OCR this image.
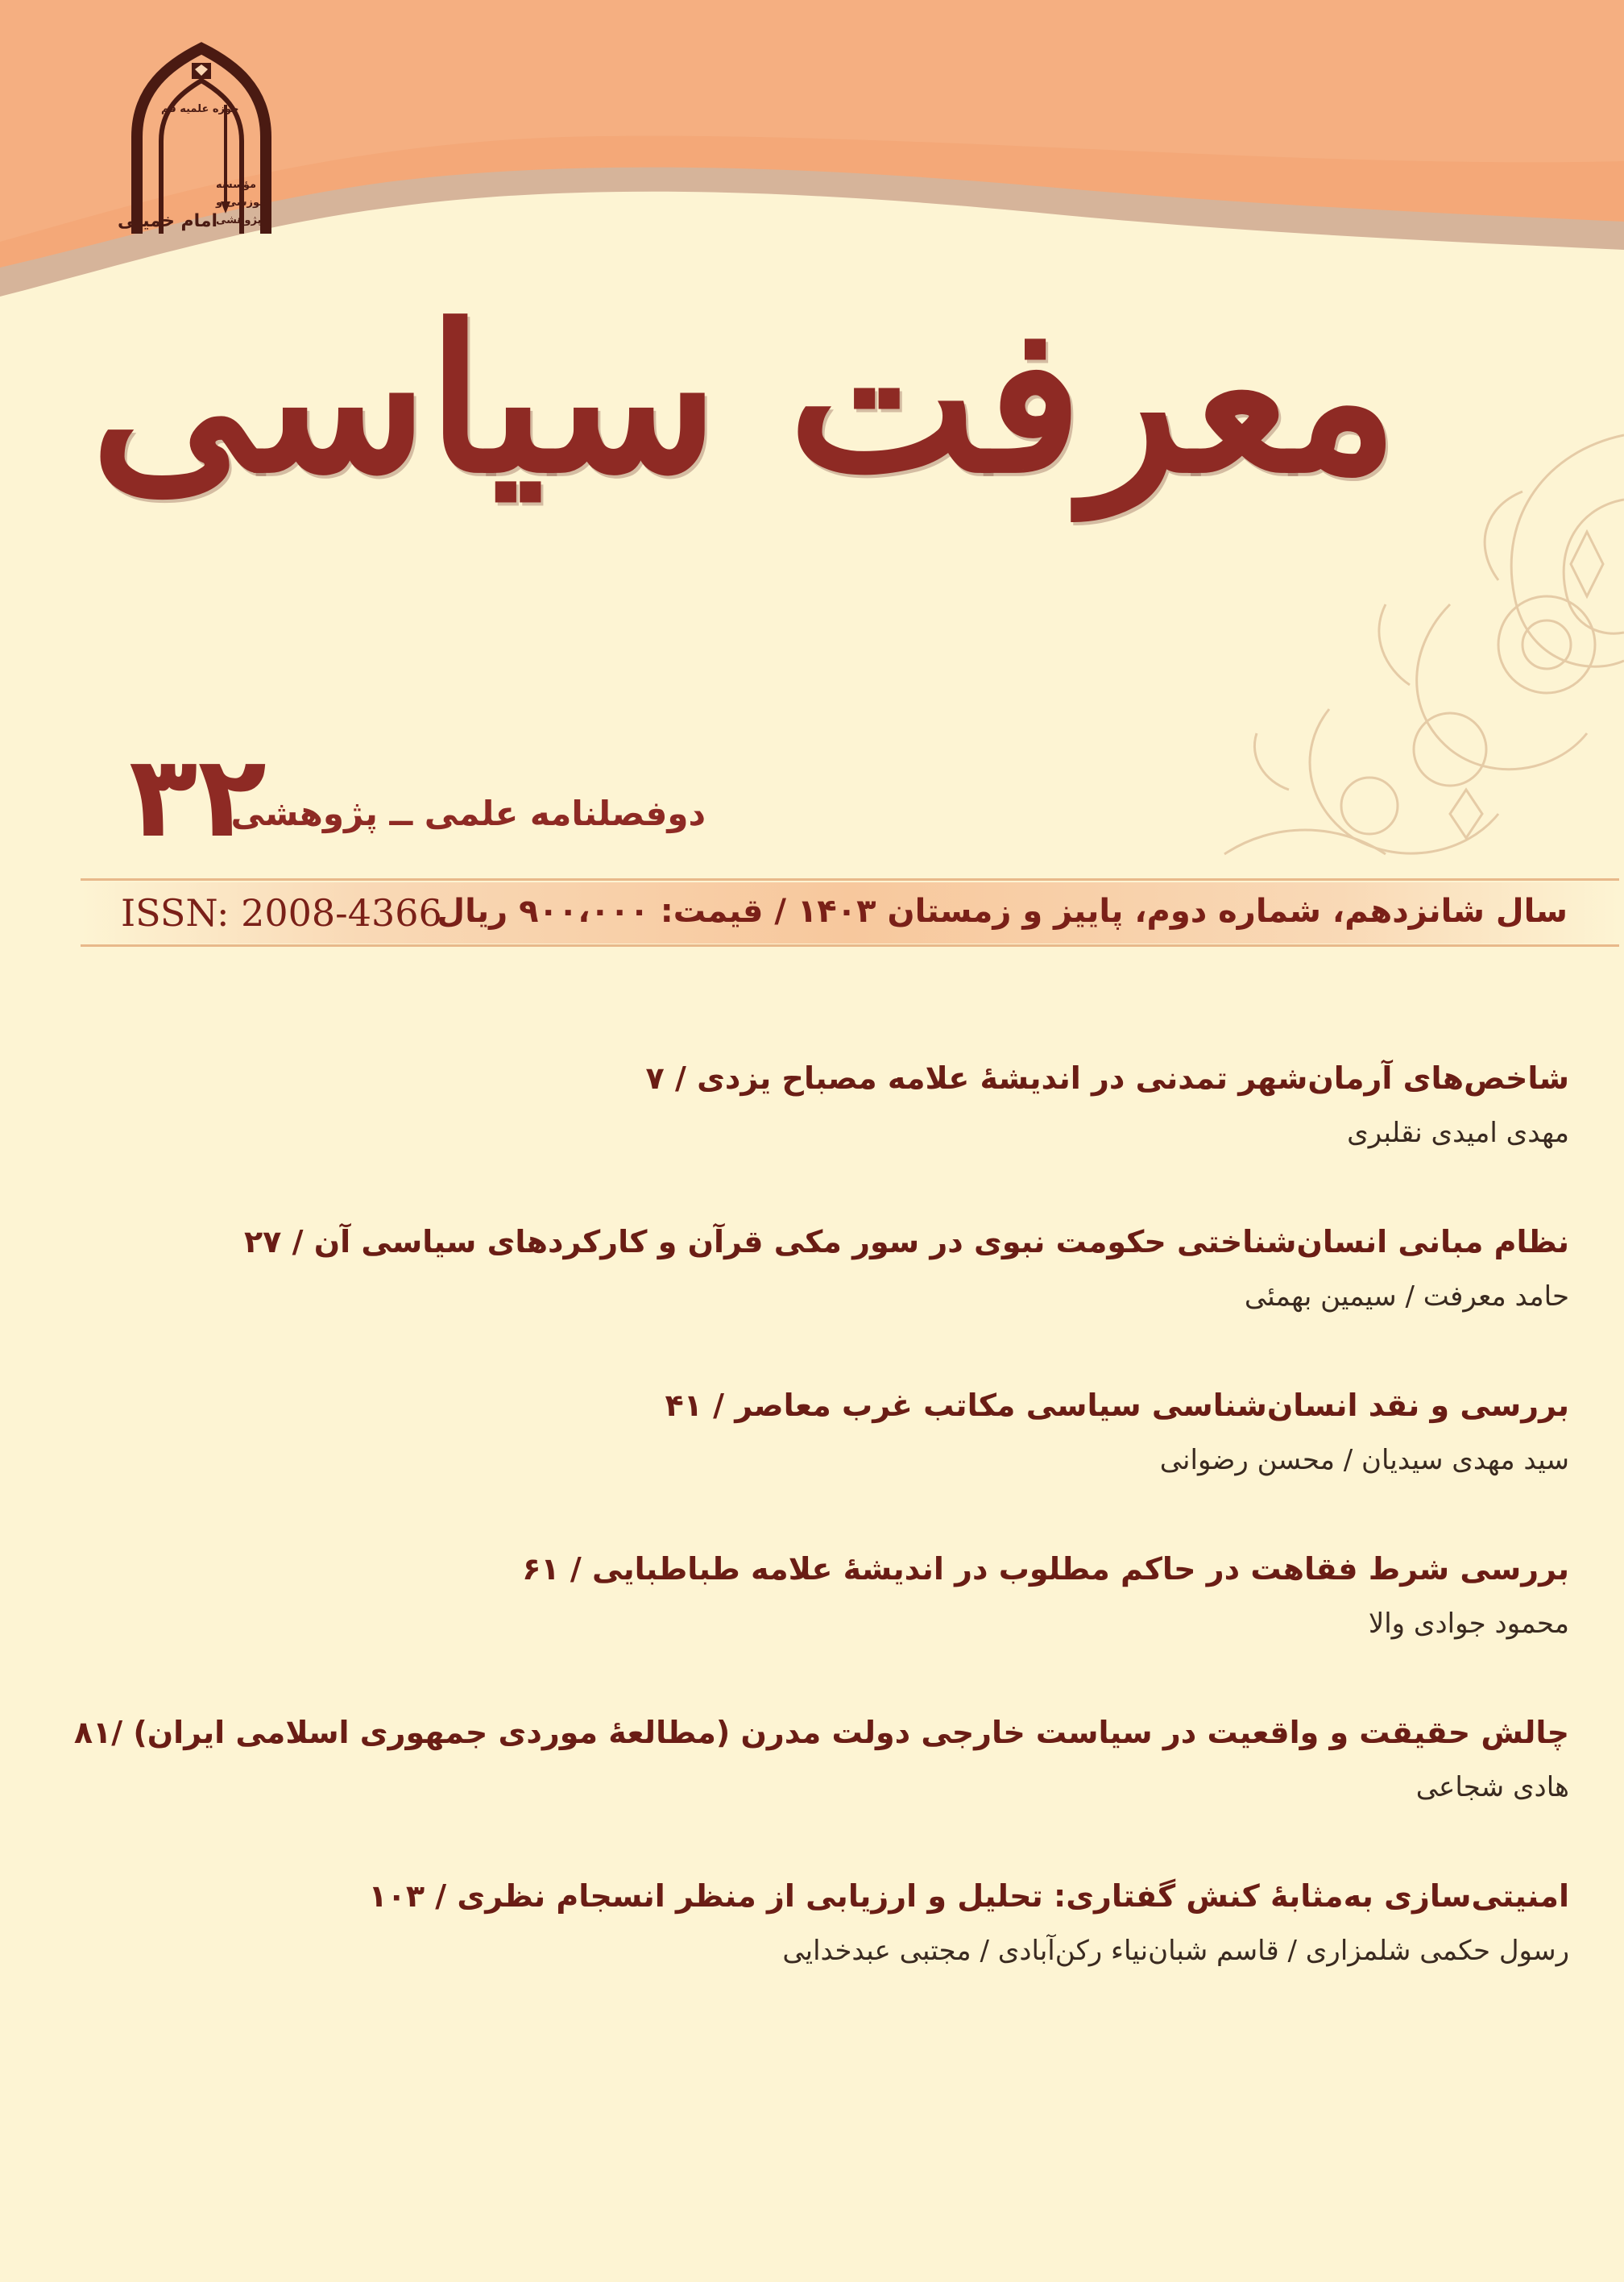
حوزه علمیه قم
مؤسسه
آموزشی و
پژوهشی
امام خمینی
معرفت سیاسی
۳۲
دوفصلنامه علمی ــ پژوهشی
ISSN: 2008-4366
سال شانزدهم، شماره دوم، پاییز و زمستان ۱۴۰۳ / قیمت: ۹۰۰،۰۰۰ ریال
شاخص‌های آرمان‌شهر تمدنی در اندیشهٔ علامه مصباح یزدی / ۷
مهدی امیدی نقلبری
نظام مبانی انسان‌شناختی حکومت نبوی در سور مکی قرآن و کارکردهای سیاسی آن / ۲۷
حامد معرفت / سیمین بهمئی
بررسی و نقد انسان‌شناسی سیاسی مکاتب غرب معاصر / ۴۱
سید مهدی سیدیان / محسن رضوانی
بررسی شرط فقاهت در حاکم مطلوب در اندیشهٔ علامه طباطبایی / ۶۱
محمود جوادی والا
چالش حقیقت و واقعیت در سیاست خارجی دولت مدرن (مطالعهٔ موردی جمهوری اسلامی ایران) /۸۱
هادی شجاعی
امنیتی‌سازی به‌مثابهٔ کنش گفتاری: تحلیل و ارزیابی از منظر انسجام نظری / ۱۰۳
رسول حکمی شلمزاری / قاسم شبان‌نیاء رکن‌آبادی / مجتبی عبدخدایی
